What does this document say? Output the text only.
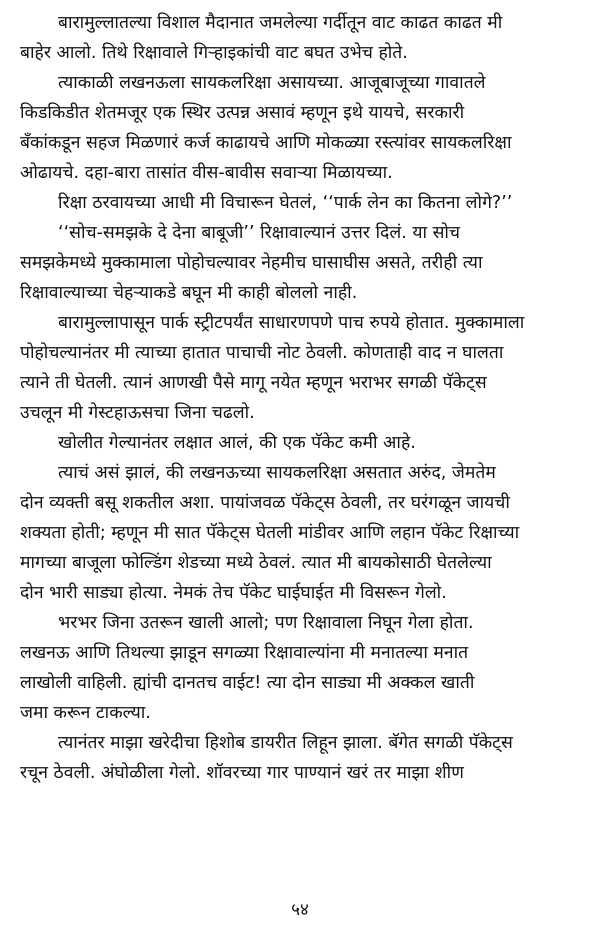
बारामुल्लातल्या विशाल मैदानात जमलेल्या गर्दीतून वाट काढत काढत मी
बाहेर आलो. तिथे रिक्षावाले गिऱ्हाइकांची वाट बघत उभेच होते.
त्याकाळी लखनऊला सायकलरिक्षा असायच्या. आजूबाजूच्या गावातले
किडकिडीत शेतमजूर एक स्थिर उत्पन्न असावं म्हणून इथे यायचे, सरकारी
बँकांकडून सहज मिळणारं कर्ज काढायचे आणि मोकळ्या रस्त्यांवर सायकलरिक्षा
ओढायचे. दहा-बारा तासांत वीस-बावीस सवाऱ्या मिळायच्या.
रिक्षा ठरवायच्या आधी मी विचारून घेतलं, ‘‘पार्क लेन का कितना लोगे?’’
‘‘सोच-समझके दे देना बाबूजी’’ रिक्षावाल्यानं उत्तर दिलं. या सोच
समझकेमध्ये मुक्कामाला पोहोचल्यावर नेहमीच घासाघीस असते, तरीही त्या
रिक्षावाल्याच्या चेहऱ्याकडे बघून मी काही बोललो नाही.
बारामुल्लापासून पार्क स्ट्रीटपर्यंत साधारणपणे पाच रुपये होतात. मुक्कामाला
पोहोचल्यानंतर मी त्याच्या हातात पाचाची नोट ठेवली. कोणताही वाद न घालता
त्याने ती घेतली. त्यानं आणखी पैसे मागू नयेत म्हणून भराभर सगळी पॅकेट्स
उचलून मी गेस्टहाऊसचा जिना चढलो.
खोलीत गेल्यानंतर लक्षात आलं, की एक पॅकेट कमी आहे.
त्याचं असं झालं, की लखनऊच्या सायकलरिक्षा असतात अरुंद, जेमतेम
दोन व्यक्ती बसू शकतील अशा. पायांजवळ पॅकेट्स ठेवली, तर घरंगळून जायची
शक्यता होती; म्हणून मी सात पॅकेट्स घेतली मांडीवर आणि लहान पॅकेट रिक्षाच्या
मागच्या बाजूला फोल्डिंग शेडच्या मध्ये ठेवलं. त्यात मी बायकोसाठी घेतलेल्या
दोन भारी साड्या होत्या. नेमकं तेच पॅकेट घाईघाईत मी विसरून गेलो.
भरभर जिना उतरून खाली आलो; पण रिक्षावाला निघून गेला होता.
लखनऊ आणि तिथल्या झाडून सगळ्या रिक्षावाल्यांना मी मनातल्या मनात
लाखोली वाहिली. ह्यांची दानतच वाईट! त्या दोन साड्या मी अक्कल खाती
जमा करून टाकल्या.
त्यानंतर माझा खरेदीचा हिशोब डायरीत लिहून झाला. बॅगेत सगळी पॅकेट्स
रचून ठेवली. अंघोळीला गेलो. शॉवरच्या गार पाण्यानं खरं तर माझा शीण
५४
